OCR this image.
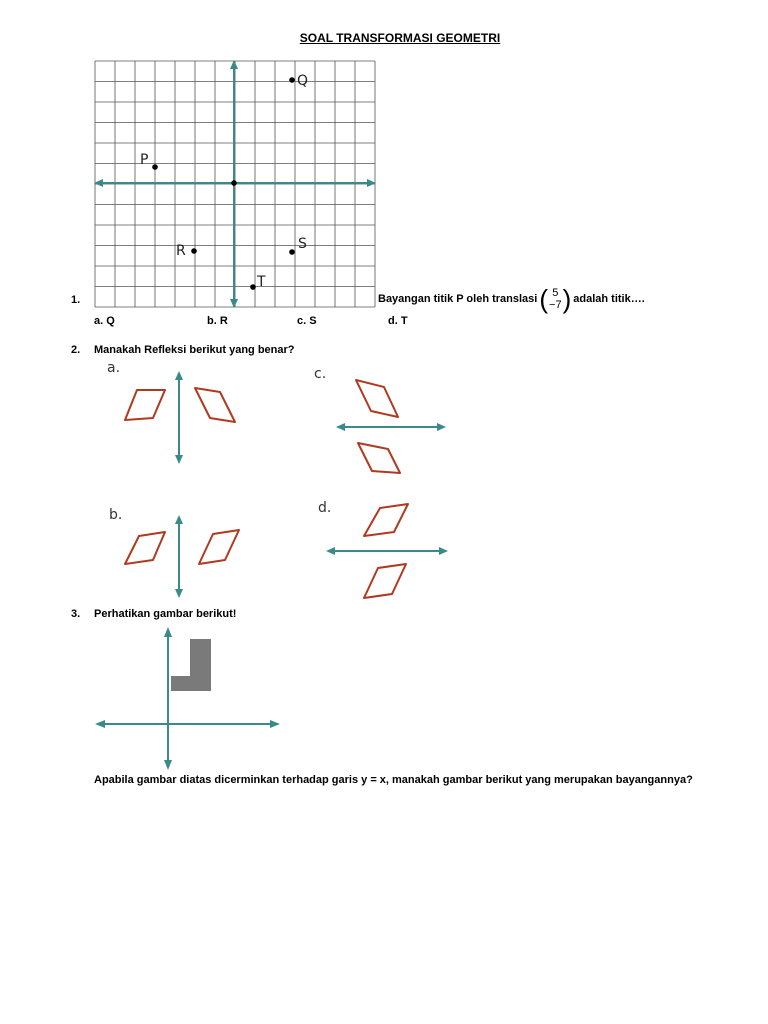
SOAL TRANSFORMASI GEOMETRI
1.
P
Q
R	S
T
Bayangan titik P oleh translasi ( 5
−7 ) adalah titik….
a. Q	b. R	c. S	d. T
2. Manakah Refleksi berikut yang benar?
a.	c.
b.	d.
3. Perhatikan gambar berikut!
Apabila gambar diatas dicerminkan terhadap garis y = x, manakah gambar berikut yang merupakan bayangannya?
